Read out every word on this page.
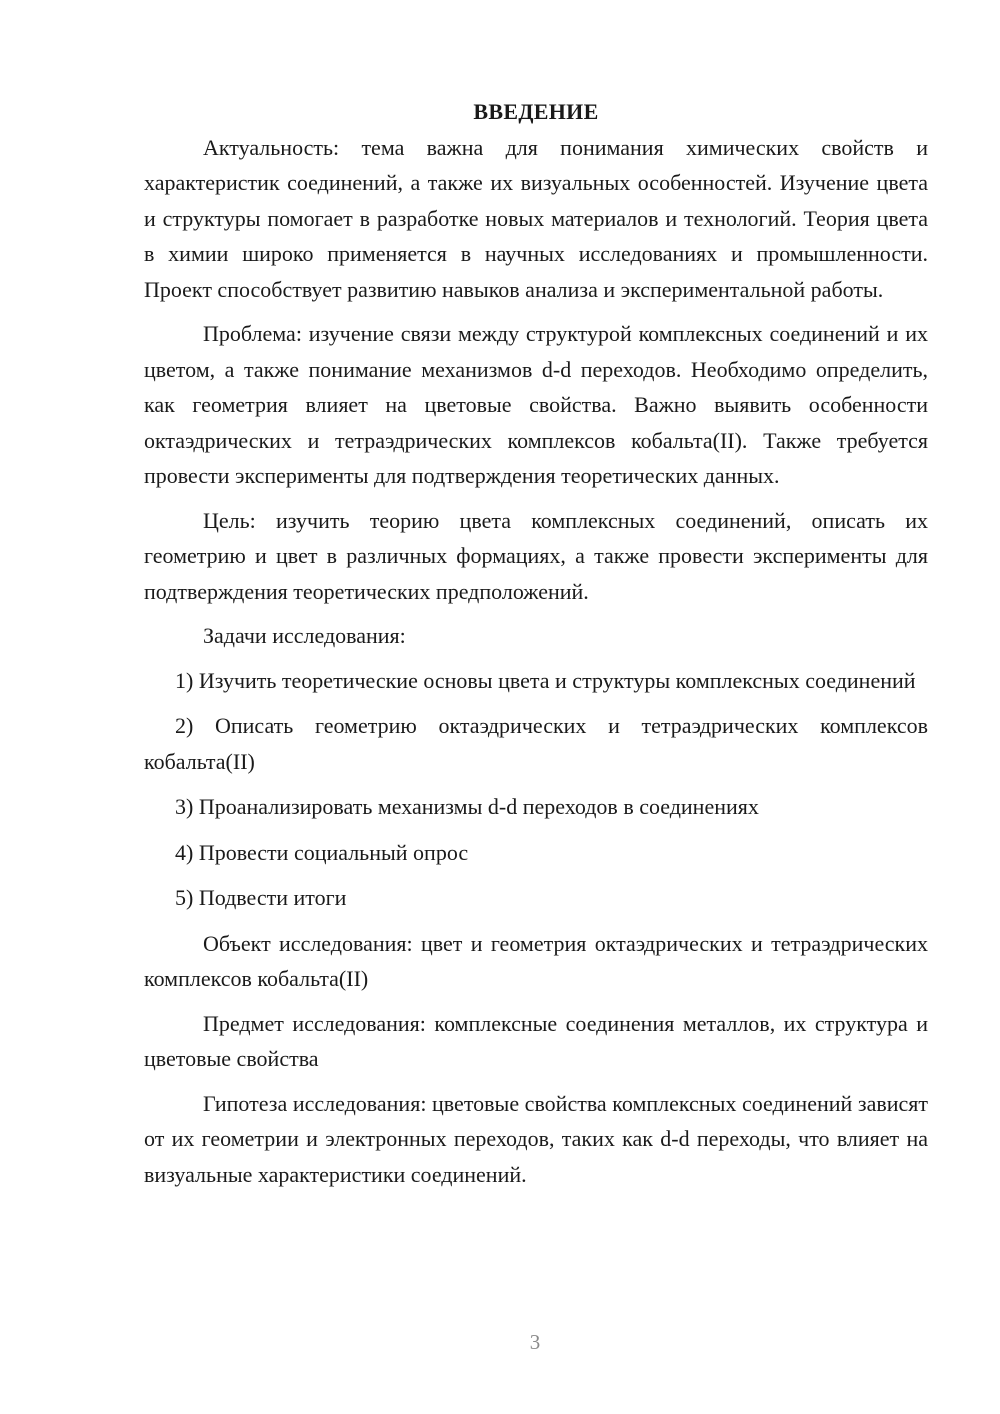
ВВЕДЕНИЕ

Актуальность: тема важна для понимания химических свойств и характеристик соединений, а также их визуальных особенностей. Изучение цвета и структуры помогает в разработке новых материалов и технологий. Теория цвета в химии широко применяется в научных исследованиях и промышленности. Проект способствует развитию навыков анализа и экспериментальной работы.

Проблема: изучение связи между структурой комплексных соединений и их цветом, а также понимание механизмов d-d переходов. Необходимо определить, как геометрия влияет на цветовые свойства. Важно выявить особенности октаэдрических и тетраэдрических комплексов кобальта(II). Также требуется провести эксперименты для подтверждения теоретических данных.

Цель: изучить теорию цвета комплексных соединений, описать их геометрию и цвет в различных формациях, а также провести эксперименты для подтверждения теоретических предположений.

Задачи исследования:

1) Изучить теоретические основы цвета и структуры комплексных соединений

2) Описать геометрию октаэдрических и тетраэдрических комплексов кобальта(II)

3) Проанализировать механизмы d-d переходов в соединениях

4) Провести социальный опрос

5) Подвести итоги

Объект исследования: цвет и геометрия октаэдрических и тетраэдрических комплексов кобальта(II)

Предмет исследования: комплексные соединения металлов, их структура и цветовые свойства

Гипотеза исследования: цветовые свойства комплексных соединений зависят от их геометрии и электронных переходов, таких как d-d переходы, что влияет на визуальные характеристики соединений.

3
